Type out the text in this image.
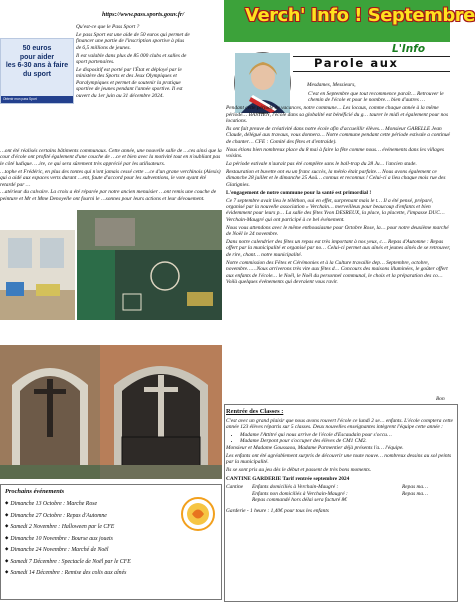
50 euros
pour aider
les 6-30 ans à faire
du sport
Obtenir mon pass Sport
https://www.pass.sports.gouv.fr/

Qu'est-ce que le Pass Sport ?

Le pass Sport est une aide de 50 euros qui permet de financer une partie de l'inscription sportive à plus de 6,5 millions de jeunes.

Il est valable dans plus de 85 000 clubs et salles de sport partenaires.

Le dispositif est porté par l'État et déployé par le ministère des Sports et des Jeux Olympiques et Paralympiques et permet de soutenir la pratique sportive de jeunes pendant l'année sportive. Il est ouvert du 1er juin au 31 décembre 2024.

…ont été réalisés certains bâtiments communaux. Cette année, une nouvelle salle de …ces ainsi que la cour d'école ont profité également d'une couche de …ce et bien avec la motivité tout en n'oubliant pas le côté ludique. …ire, ce qui sera sûrement très apprécié par les utilisateurs.

…tophe et Frédéric, en plus des tontes qui n'ont jamais cessé cette …ce d'un grane verchinois (Alexis) qui a aidé aux espaces verts durant …ent, faute d'accord pour les subventions, le vote ayant été retardé par …

…atérieur du calvaire. La croix a été réparée par notre ancien menuisier …ont remis une couche de peinture et Mr et Mme Denoyelle ont fourni le …sonnes pour leurs actions et leur dévouement.

Prochains événements
◆ Dimanche 13 Octobre : Marche Rose
◆ Dimanche 27 Octobre : Repas d'Automne
◆ Samedi 2 Novembre : Halloween par le CFE
◆ Dimanche 10 Novembre : Bourse aux jouets
◆ Dimanche 24 Novembre : Marché de Noël
◆ Samedi 7 Décembre : Spectacle de Noël par le CFE
◆ Samedi 14 Décembre : Remise des colis aux aînés
Verch' Info ! Septembre
L'Info
Parole aux
Mesdames, Messieurs,

C'est en Septembre que tout recommence paraît… Retrouver le chemin de l'école et pour le nombre… bien d'autres …

Pendant cette période de vacances, notre commune… Les locaux, comme chaque année à la même période… BASTIEN, l'école dans sa globalité est bénéficié du g… taurer le midi et également pour nos locations.

Ils ont fait preuve de créativité dans notre école afin d'accueillir élèves… Monsieur GABELLE Jean Claude, délégué aux travaux, vous donnera… Notre commune pendant cette période estivale a continué de chanter… CFE : Comité des fêtes et d'entraide).

Nous étions bien nombreux place du 8 mai à faire la fête comme nous… événements dans les villages voisins.

La période estivale n'aurait pas été complète sans le ball-trap du 28 Ju… l'ancien stade.

Restauration et buvette ont eu un franc succès, la météo était parfaite… Nous avons également ce dimanche 28 juillet et le dimanche 25 Aoû… connus et reconnus ! Celui-ci a lieu chaque mois rue des Glatignies.

L'engagement de notre commune pour la santé est primordial !

Ce 7 septembre avait lieu le téléthon, oui en effet, surprenant mais le t… Il a été pensé, préparé, organisé par la nouvelle association « Verchain… merveilleux pour beaucoup d'enfants et bien évidemment pour leurs p… La salle des fêtes Yvon DESREUX, la place, la placette, l'impasse DUC… Verchain-Maugré qui ont participé à ce bel événement.

Nous vous attendons avec le même enthousiasme pour Octobre Rose, la… pour notre deuxième marché de Noël le 24 novembre.

Dans notre calendrier des fêtes un repas est très important à nos yeux, c… Repas d'Automne : Repas offert par la municipalité et organisé par no… Celui-ci permet aux aînés et jeunes aînés de se retrouver, de rire, chant… notre municipalité.

Notre commission des Fêtes et Cérémonies et à la Culture travaille dep… Septembre, octobre, novembre……Nous arriverons très vite aux fêtes d… Concours des maisons illuminées, le goûter offert aux enfants de l'école… le Noël, le Noël du personnel communal, le choix et la préparation des co… Voilà quelques événements qui devraient vous ravir.

Bon

Rentrée des Classes :

C'est avec un grand plaisir que nous avons rouvert l'école ce lundi 2 se… enfants. L'école comptera cette année 123 élèves répartis sur 5 classes. Deux nouvelles enseignantes intègrent l'équipe cette année :

• Madame l'Attitré qui nous arrive de l'école d'Escaudain pour s'occu…
• Madame Derpont pour s'occuper des élèves de CM1 CM2.

Monsieur et Madame Goussaou, Madame Parmentier déjà présents l'a… l'équipe.

Les enfants ont été agréablement surpris de découvrir une toute nouve… nombreux dessins au sol peints par la municipalité.

Ils se sont pris au jeu dès le début et passent de très bons moments.

CANTINE GARDERIE Tarif rentrée septembre 2024

Cantine Enfants domiciliés à Verchain-Maugré :	Repas ma…
Enfants non domiciliés à Verchain-Maugré :	Repas ma…
Repas commandé hors délai sera facturé 8€

Garderie - 1 heure : 1,40€ pour tous les enfants
